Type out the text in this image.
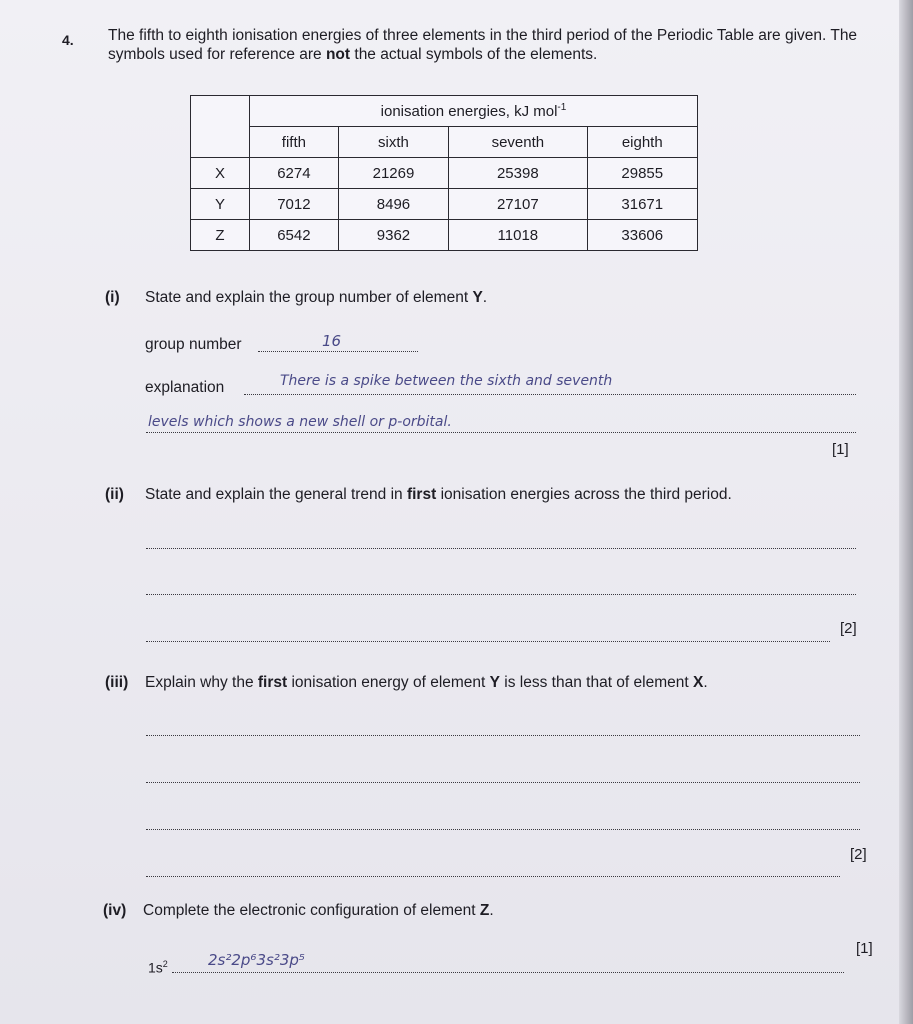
4. The fifth to eighth ionisation energies of three elements in the third period of the Periodic Table are given. The symbols used for reference are not the actual symbols of the elements.
	ionisation energies, kJ mol$^{-1}$
	fifth	sixth	seventh	eighth
X	6274	21269	25398	29855
Y	7012	8496	27107	31671
Z	6542	9362	11018	33606
(i) State and explain the group number of element Y.
group number	16
explanation	There is a spike between the sixth and seventh
levels which shows a new shell or p-orbital.
[1]
(ii) State and explain the general trend in first ionisation energies across the third period.
[2]
(iii) Explain why the first ionisation energy of element Y is less than that of element X.
[2]
(iv) Complete the electronic configuration of element Z.
$1s^2$	2s²2p⁶3s²3p⁵
[1]
